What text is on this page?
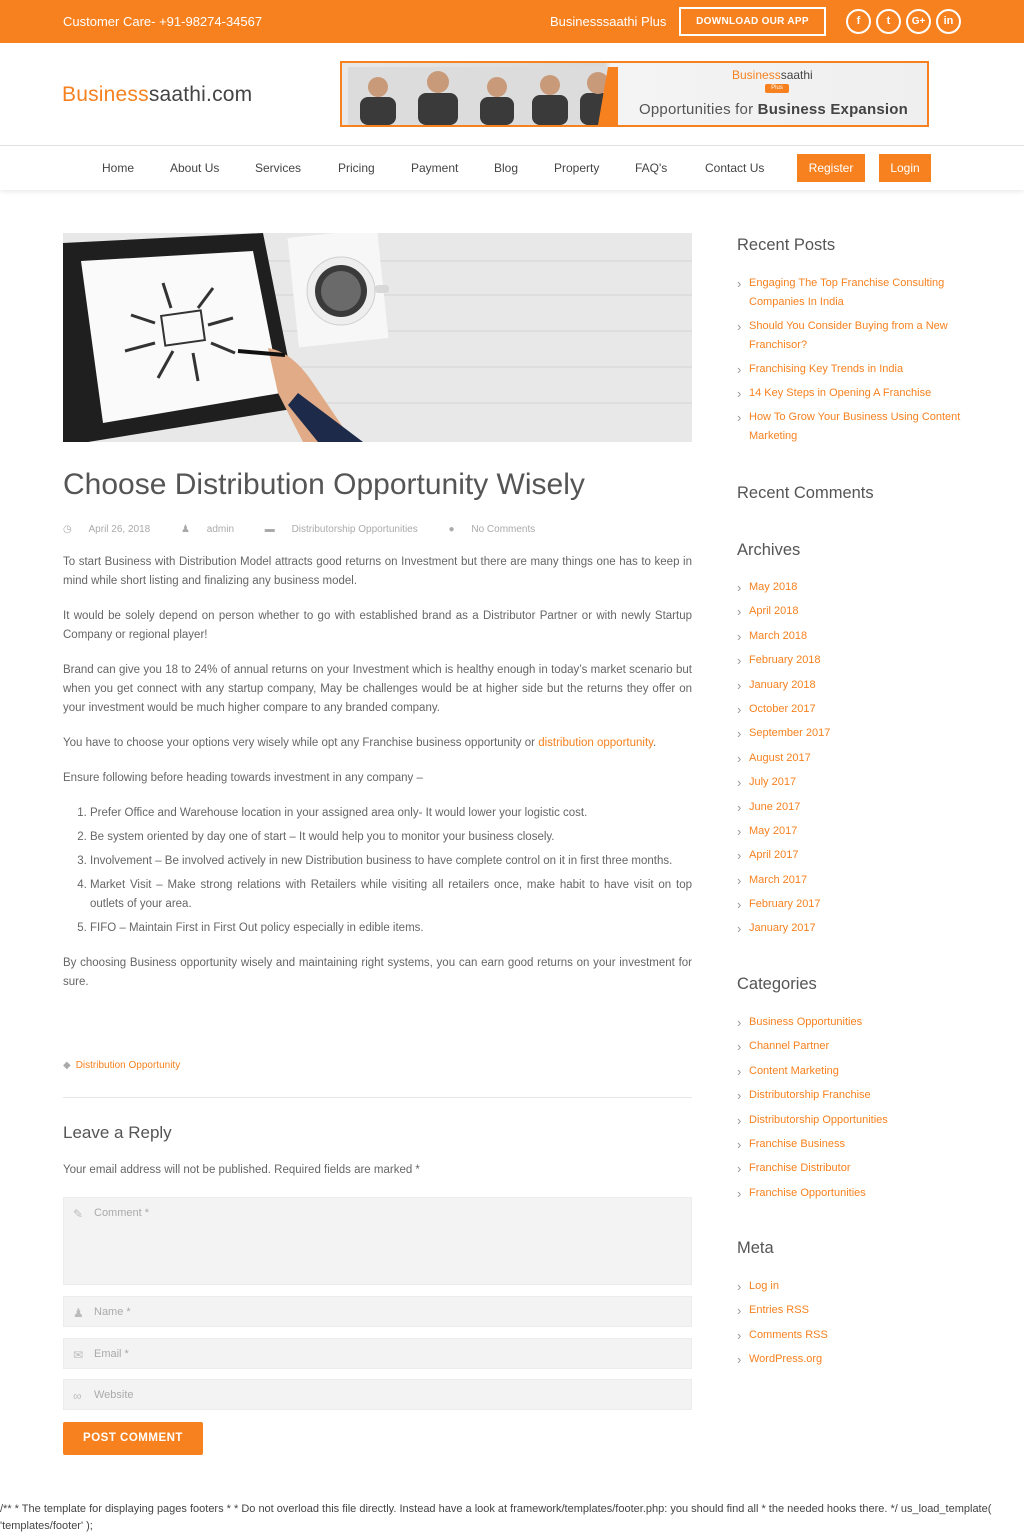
Customer Care- +91-98274-34567	Businesssaathi Plus	DOWNLOAD OUR APP	f	t	G+	in
Businesssaathi.com
Businesssaathi
Plus
Opportunities for Business Expansion
Home	About Us	Services	Pricing	Payment	Blog	Property	FAQ's	Contact Us	Register	Login
Choose Distribution Opportunity Wisely
◷ April 26, 2018	♟ admin	▬ Distributorship Opportunities	● No Comments

To start Business with Distribution Model attracts good returns on Investment but there are many things one has to keep in mind while short listing and finalizing any business model.

It would be solely depend on person whether to go with established brand as a Distributor Partner or with newly Startup Company or regional player!

Brand can give you 18 to 24% of annual returns on your Investment which is healthy enough in today’s market scenario but when you get connect with any startup company, May be challenges would be at higher side but the returns they offer on your investment would be much higher compare to any branded company.

You have to choose your options very wisely while opt any Franchise business opportunity or distribution opportunity.

Ensure following before heading towards investment in any company –

1. Prefer Office and Warehouse location in your assigned area only- It would lower your logistic cost.
2. Be system oriented by day one of start – It would help you to monitor your business closely.
3. Involvement – Be involved actively in new Distribution business to have complete control on it in first three months.
4. Market Visit – Make strong relations with Retailers while visiting all retailers once, make habit to have visit on top outlets of your area.
5. FIFO – Maintain First in First Out policy especially in edible items.

By choosing Business opportunity wisely and maintaining right systems, you can earn good returns on your investment for sure.

◆ Distribution Opportunity
Leave a Reply
Your email address will not be published. Required fields are marked *
✎ Comment *
♟ Name *
✉ Email *
∞ Website
POST COMMENT
Recent Posts
› Engaging The Top Franchise Consulting Companies In India
› Should You Consider Buying from a New Franchisor?
› Franchising Key Trends in India
› 14 Key Steps in Opening A Franchise
› How To Grow Your Business Using Content Marketing
Recent Comments
Archives
› May 2018
› April 2018
› March 2018
› February 2018
› January 2018
› October 2017
› September 2017
› August 2017
› July 2017
› June 2017
› May 2017
› April 2017
› March 2017
› February 2017
› January 2017
Categories
› Business Opportunities
› Channel Partner
› Content Marketing
› Distributorship Franchise
› Distributorship Opportunities
› Franchise Business
› Franchise Distributor
› Franchise Opportunities
Meta
› Log in
› Entries RSS
› Comments RSS
› WordPress.org
/** * The template for displaying pages footers * * Do not overload this file directly. Instead have a look at framework/templates/footer.php: you should find all * the needed hooks there. */ us_load_template( 'templates/footer' );
